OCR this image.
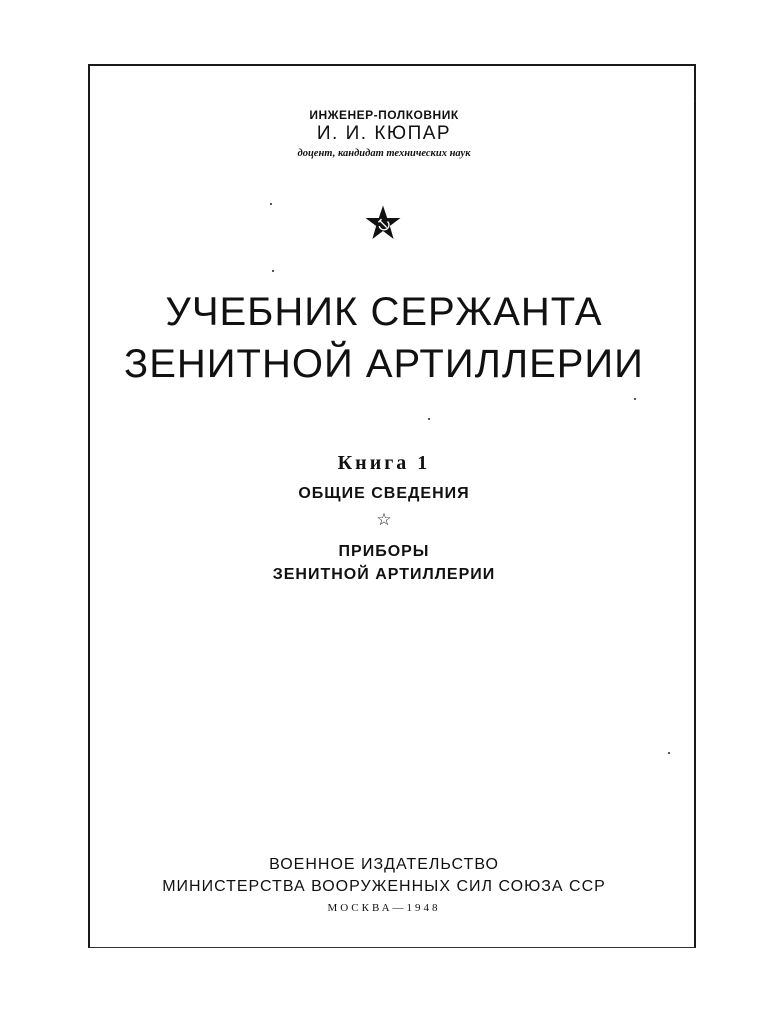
ИНЖЕНЕР-ПОЛКОВНИК
И. И. КЮПАР
доцент, кандидат технических наук
УЧЕБНИК СЕРЖАНТА
ЗЕНИТНОЙ АРТИЛЛЕРИИ
Книга 1
ОБЩИЕ СВЕДЕНИЯ
☆
ПРИБОРЫ
ЗЕНИТНОЙ АРТИЛЛЕРИИ
ВОЕННОЕ ИЗДАТЕЛЬСТВО
МИНИСТЕРСТВА ВООРУЖЕННЫХ СИЛ СОЮЗА ССР
МОСКВА—1948
